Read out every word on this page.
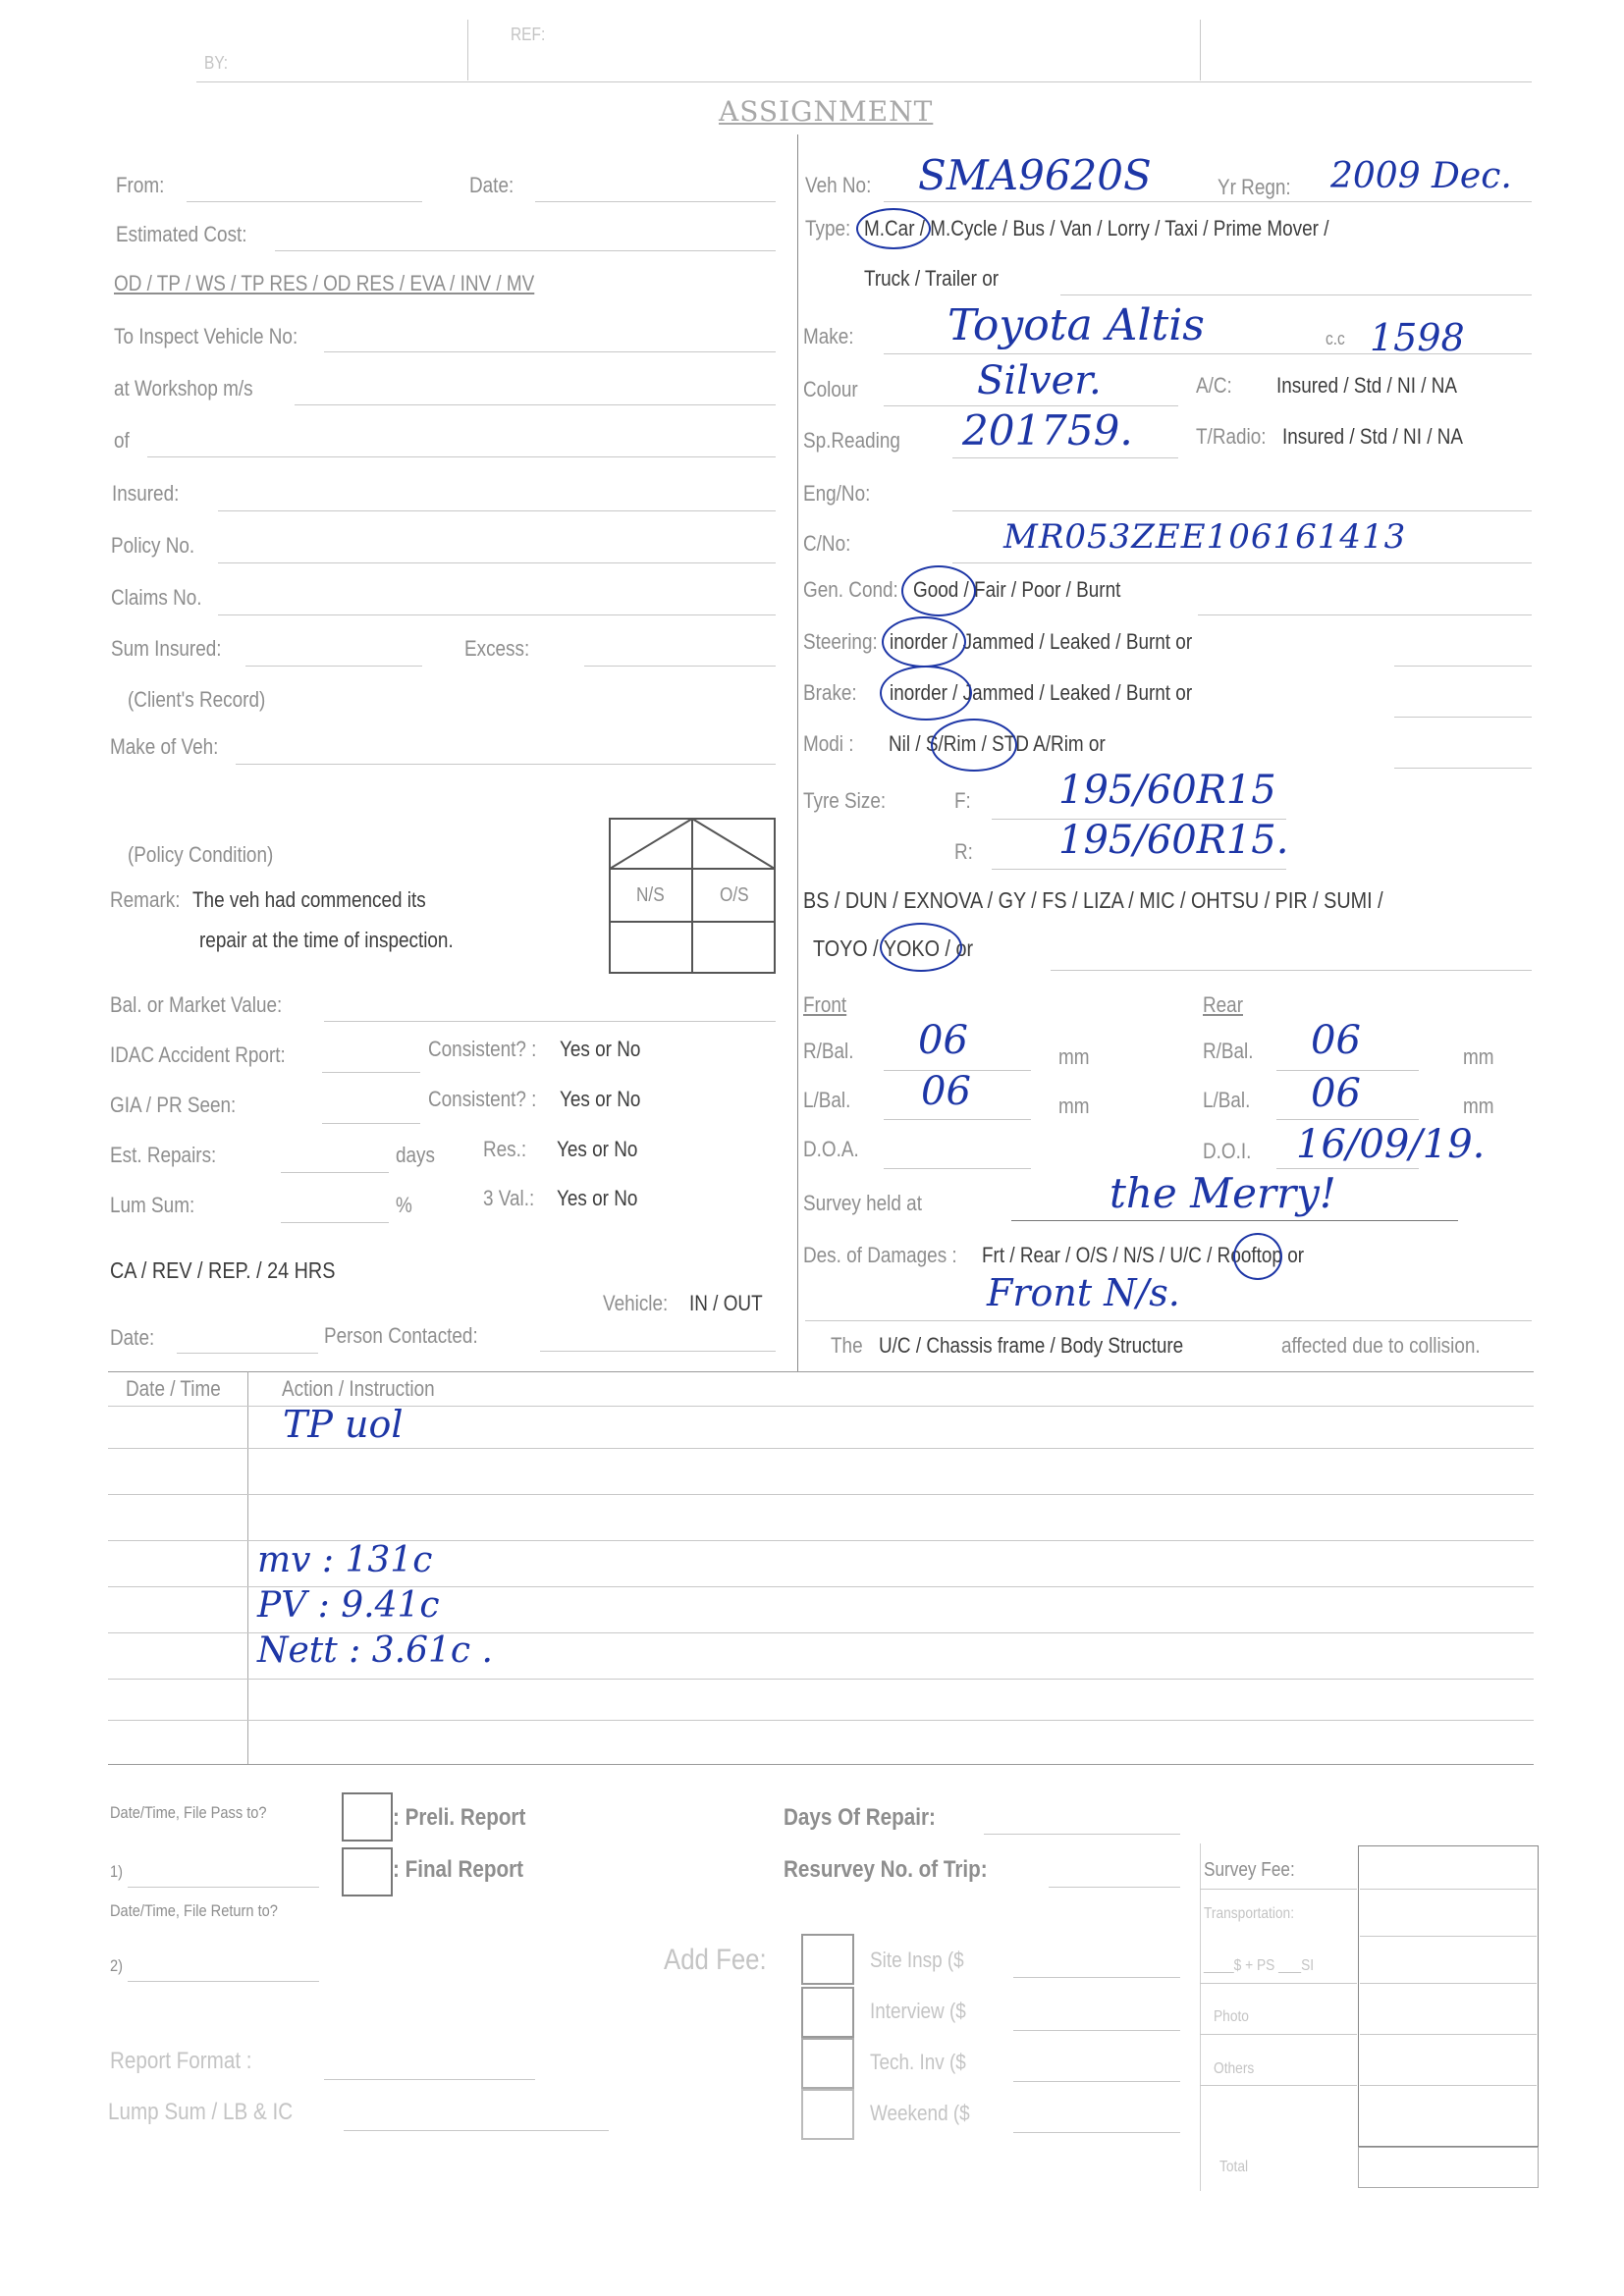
BY:
REF:
ASSIGNMENT
From:	Date:
Estimated Cost:
OD / TP / WS / TP RES / OD RES / EVA / INV / MV
To Inspect Vehicle No:
at Workshop m/s
of
Insured:
Policy No.
Claims No.
Sum Insured:	Excess:
(Client's Record)
Make of Veh:
(Policy Condition)
Remark: The veh had commenced its
repair at the time of inspection.
N/S	O/S
Bal. or Market Value:
IDAC Accident Rport:	Consistent? : Yes or No
GIA / PR Seen:	Consistent? : Yes or No
Est. Repairs:	days Res.: Yes or No
Lum Sum:	%	3 Val.: Yes or No
CA / REV / REP. / 24 HRS
Vehicle: IN / OUT
Date:	Person Contacted:
Veh No: SMA9620S	Yr Regn: 2009 Dec.
Type: M.Car / M.Cycle / Bus / Van / Lorry / Taxi / Prime Mover /
Truck / Trailer or
Make: Toyota Altis	c.c 1598
Colour	Silver.	A/C: Insured / Std / NI / NA
Sp.Reading 201759.	T/Radio: Insured / Std / NI / NA
Eng/No:
C/No:	MR053ZEE106161413
Gen. Cond: Good / Fair / Poor / Burnt
Steering: inorder / Jammed / Leaked / Burnt or
Brake: inorder / Jammed / Leaked / Burnt or
Modi : Nil / S/Rim / STD A/Rim or
Tyre Size:	F: 195/60R15
R: 195/60R15.
BS / DUN / EXNOVA / GY / FS / LIZA / MIC / OHTSU / PIR / SUMI /
TOYO / YOKO / or
Front	Rear
R/Bal. 06	mm	R/Bal. 06	mm
L/Bal. 06	mm	L/Bal. 06	mm
D.O.A.	D.O.I. 16/09/19.
Survey held at	the Merry!
Des. of Damages : Frt / Rear / O/S / N/S / U/C / Rooftop or
Front N/s.
The U/C / Chassis frame / Body Structure	affected due to collision.
Date / Time	Action / Instruction
TP uol
mv : 131c
PV : 9.41c
Nett : 3.61c .
Date/Time, File Pass to?	: Preli. Report
: Final Report
1)
Date/Time, File Return to?
2)
Report Format :
Lump Sum / LB & IC
Days Of Repair:
Resurvey No. of Trip:
Add Fee:	Site Insp ($
Interview ($
Tech. Inv ($
Weekend ($
Survey Fee:
Transportation:
____$ + PS ___SI
Photo
Others
Total
